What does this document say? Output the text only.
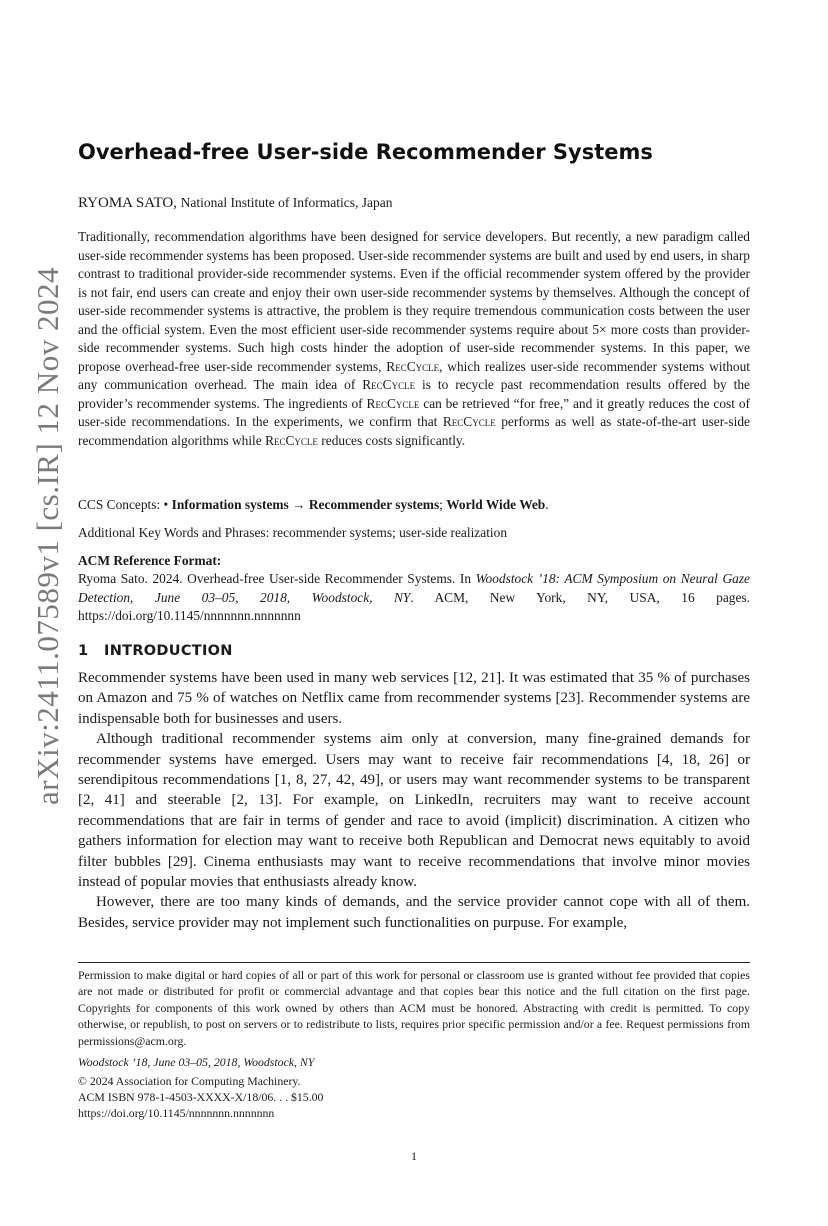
arXiv:2411.07589v1 [cs.IR] 12 Nov 2024
Overhead-free User-side Recommender Systems
RYOMA SATO, National Institute of Informatics, Japan
Traditionally, recommendation algorithms have been designed for service developers. But recently, a new paradigm called user-side recommender systems has been proposed. User-side recommender systems are built and used by end users, in sharp contrast to traditional provider-side recommender systems. Even if the official recommender system offered by the provider is not fair, end users can create and enjoy their own user-side recommender systems by themselves. Although the concept of user-side recommender systems is attractive, the problem is they require tremendous communication costs between the user and the official system. Even the most efficient user-side recommender systems require about 5× more costs than provider-side recommender systems. Such high costs hinder the adoption of user-side recommender systems. In this paper, we propose overhead-free user-side recommender systems, RecCycle, which realizes user-side recommender systems without any communication overhead. The main idea of RecCycle is to recycle past recommendation results offered by the provider’s recommender systems. The ingredients of RecCycle can be retrieved “for free,” and it greatly reduces the cost of user-side recommendations. In the experiments, we confirm that RecCycle performs as well as state-of-the-art user-side recommendation algorithms while RecCycle reduces costs significantly.
CCS Concepts: • Information systems → Recommender systems; World Wide Web.
Additional Key Words and Phrases: recommender systems; user-side realization
ACM Reference Format:
Ryoma Sato. 2024. Overhead-free User-side Recommender Systems. In Woodstock ’18: ACM Symposium on Neural Gaze Detection, June 03–05, 2018, Woodstock, NY. ACM, New York, NY, USA, 16 pages. https://doi.org/10.1145/nnnnnnn.nnnnnnn
1 INTRODUCTION

Recommender systems have been used in many web services [12, 21]. It was estimated that 35 % of purchases on Amazon and 75 % of watches on Netflix came from recommender systems [23]. Recommender systems are indispensable both for businesses and users.

Although traditional recommender systems aim only at conversion, many fine-grained demands for recommender systems have emerged. Users may want to receive fair recommendations [4, 18, 26] or serendipitous recommendations [1, 8, 27, 42, 49], or users may want recommender systems to be transparent [2, 41] and steerable [2, 13]. For example, on LinkedIn, recruiters may want to receive account recommendations that are fair in terms of gender and race to avoid (implicit) discrimination. A citizen who gathers information for election may want to receive both Republican and Democrat news equitably to avoid filter bubbles [29]. Cinema enthusiasts may want to receive recommendations that involve minor movies instead of popular movies that enthusiasts already know.

However, there are too many kinds of demands, and the service provider cannot cope with all of them. Besides, service provider may not implement such functionalities on purpuse. For example,

Permission to make digital or hard copies of all or part of this work for personal or classroom use is granted without fee provided that copies are not made or distributed for profit or commercial advantage and that copies bear this notice and the full citation on the first page. Copyrights for components of this work owned by others than ACM must be honored. Abstracting with credit is permitted. To copy otherwise, or republish, to post on servers or to redistribute to lists, requires prior specific permission and/or a fee. Request permissions from permissions@acm.org.
Woodstock ’18, June 03–05, 2018, Woodstock, NY
© 2024 Association for Computing Machinery.
ACM ISBN 978-1-4503-XXXX-X/18/06. . . $15.00
https://doi.org/10.1145/nnnnnnn.nnnnnnn
1
